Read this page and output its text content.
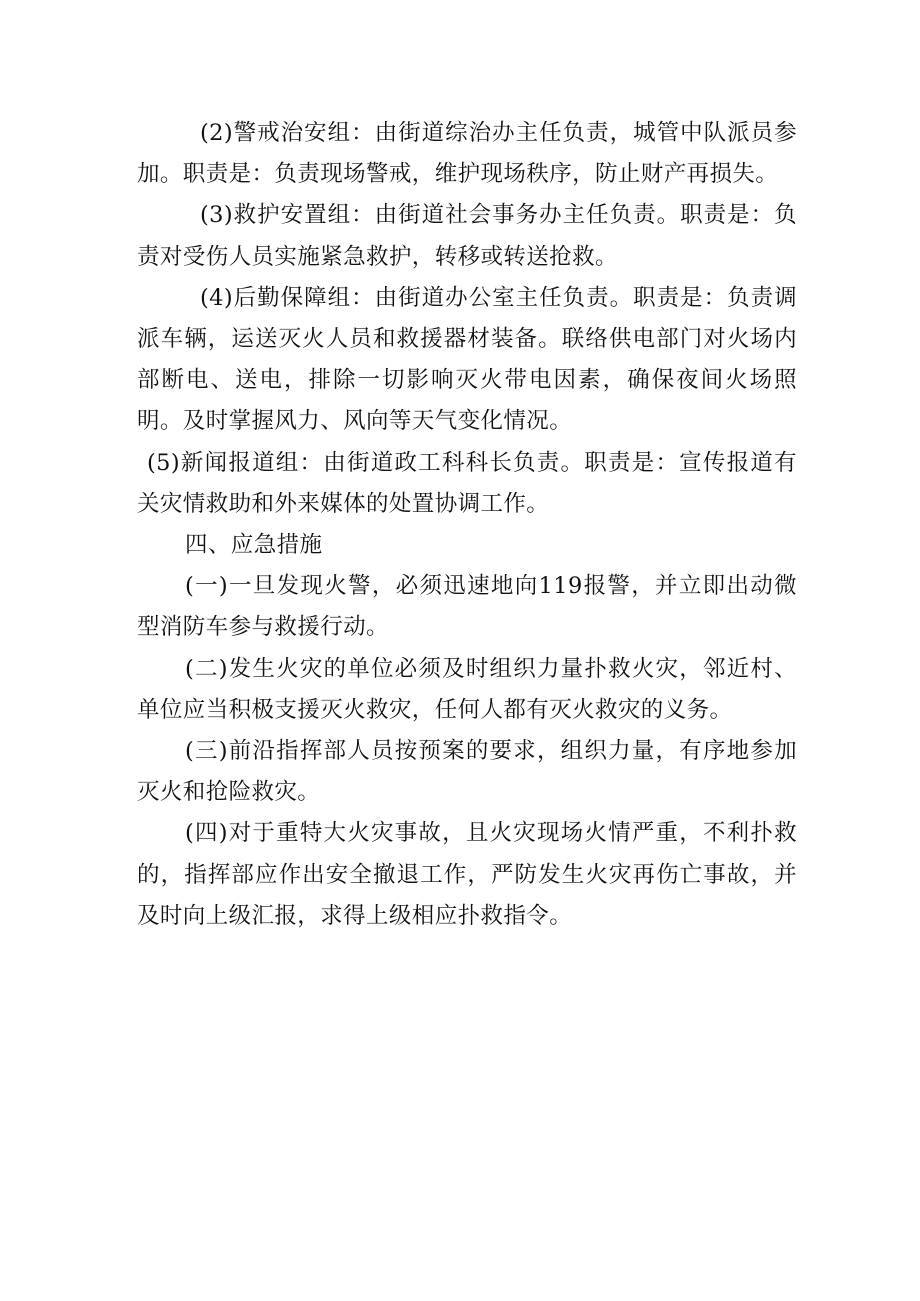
(2)警戒治安组：由街道综治办主任负责，城管中队派员参加。职责是：负责现场警戒，维护现场秩序，防止财产再损失。

(3)救护安置组：由街道社会事务办主任负责。职责是：负责对受伤人员实施紧急救护，转移或转送抢救。

(4)后勤保障组：由街道办公室主任负责。职责是：负责调派车辆，运送灭火人员和救援器材装备。联络供电部门对火场内部断电、送电，排除一切影响灭火带电因素，确保夜间火场照明。及时掌握风力、风向等天气变化情况。

(5)新闻报道组：由街道政工科科长负责。职责是：宣传报道有关灾情救助和外来媒体的处置协调工作。

四、应急措施

(一)一旦发现火警，必须迅速地向119报警，并立即出动微型消防车参与救援行动。

(二)发生火灾的单位必须及时组织力量扑救火灾，邻近村、单位应当积极支援灭火救灾，任何人都有灭火救灾的义务。

(三)前沿指挥部人员按预案的要求，组织力量，有序地参加灭火和抢险救灾。

(四)对于重特大火灾事故，且火灾现场火情严重，不利扑救的，指挥部应作出安全撤退工作，严防发生火灾再伤亡事故，并及时向上级汇报，求得上级相应扑救指令。
